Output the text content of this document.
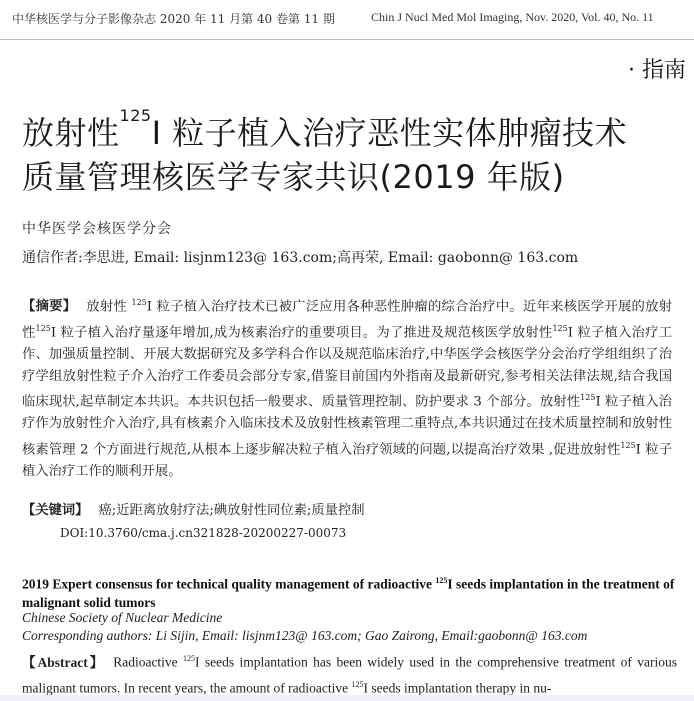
中华核医学与分子影像杂志 2020 年 11 月第 40 卷第 11 期	Chin J Nucl Med Mol Imaging, Nov. 2020, Vol. 40, No. 11
· 指南
放射性$^{125}$I 粒子植入治疗恶性实体肿瘤技术
质量管理核医学专家共识(2019 年版)
中华医学会核医学分会
通信作者:李思进, Email: lisjnm123@ 163.com;高再荣, Email: gaobonn@ 163.com
【摘要】 放射性 $^{125}$I 粒子植入治疗技术已被广泛应用各种恶性肿瘤的综合治疗中。近年来核医学开展的放射性$^{125}$I 粒子植入治疗量逐年增加,成为核素治疗的重要项目。为了推进及规范核医学放射性$^{125}$I 粒子植入治疗工作、加强质量控制、开展大数据研究及多学科合作以及规范临床治疗,中华医学会核医学分会治疗学组组织了治疗学组放射性粒子介入治疗工作委员会部分专家,借鉴目前国内外指南及最新研究,参考相关法律法规,结合我国临床现状,起草制定本共识。本共识包括一般要求、质量管理控制、防护要求 3 个部分。放射性$^{125}$I 粒子植入治疗作为放射性介入治疗,具有核素介入临床技术及放射性核素管理二重特点,本共识通过在技术质量控制和放射性核素管理 2 个方面进行规范,从根本上逐步解决粒子植入治疗领域的问题,以提高治疗效果 ,促进放射性$^{125}$I 粒子植入治疗工作的顺利开展。
【关键词】 癌;近距离放射疗法;碘放射性同位素;质量控制
DOI:10.3760/cma.j.cn321828-20200227-00073
2019 Expert consensus for technical quality management of radioactive $^{125}$I seeds implantation in the treatment of malignant solid tumors
Chinese Society of Nuclear Medicine
Corresponding authors: Li Sijin, Email: lisjnm123@ 163.com; Gao Zairong, Email:gaobonn@ 163.com
【Abstract】 Radioactive $^{125}$I seeds implantation has been widely used in the comprehensive treatment of various malignant tumors. In recent years, the amount of radioactive $^{125}$I seeds implantation therapy in nu-
